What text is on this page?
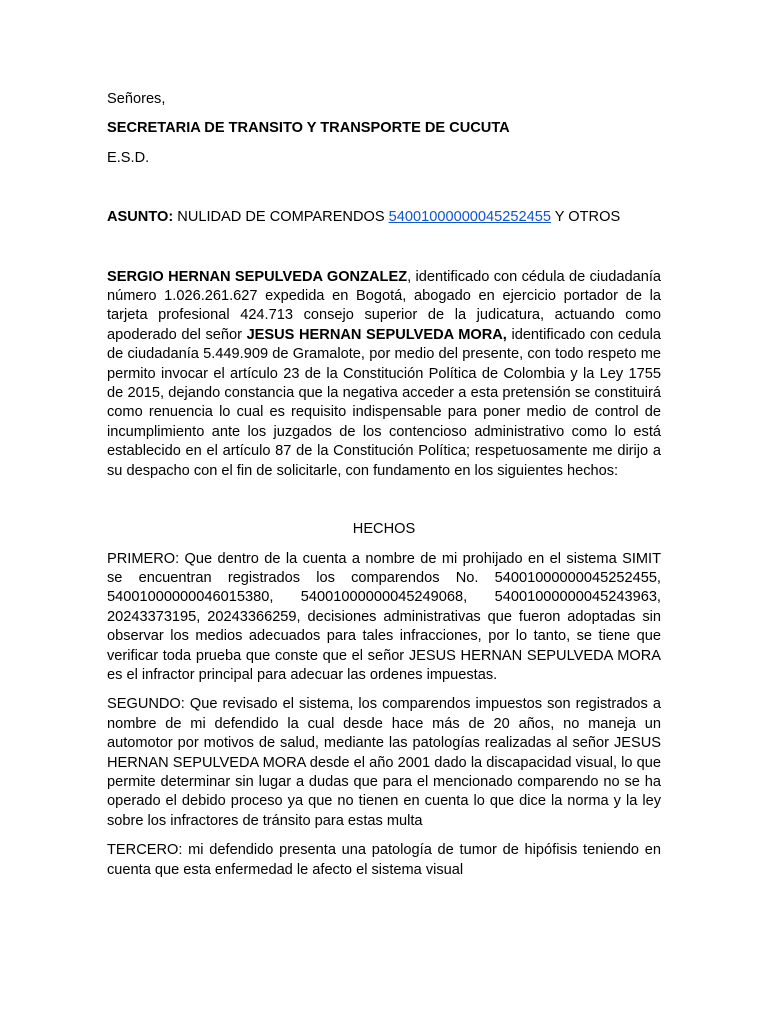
Señores,

SECRETARIA DE TRANSITO Y TRANSPORTE DE CUCUTA

E.S.D.

ASUNTO: NULIDAD DE COMPARENDOS 54001000000045252455 Y OTROS

SERGIO HERNAN SEPULVEDA GONZALEZ, identificado con cédula de ciudadanía número 1.026.261.627 expedida en Bogotá, abogado en ejercicio portador de la tarjeta profesional 424.713 consejo superior de la judicatura, actuando como apoderado del señor JESUS HERNAN SEPULVEDA MORA, identificado con cedula de ciudadanía 5.449.909 de Gramalote, por medio del presente, con todo respeto me permito invocar el artículo 23 de la Constitución Política de Colombia y la Ley 1755 de 2015, dejando constancia que la negativa acceder a esta pretensión se constituirá como renuencia lo cual es requisito indispensable para poner medio de control de incumplimiento ante los juzgados de los contencioso administrativo como lo está establecido en el artículo 87 de la Constitución Política; respetuosamente me dirijo a su despacho con el fin de solicitarle, con fundamento en los siguientes hechos:

HECHOS

PRIMERO: Que dentro de la cuenta a nombre de mi prohijado en el sistema SIMIT se encuentran registrados los comparendos No. 54001000000045252455, 54001000000046015380, 54001000000045249068, 54001000000045243963, 20243373195, 20243366259, decisiones administrativas que fueron adoptadas sin observar los medios adecuados para tales infracciones, por lo tanto, se tiene que verificar toda prueba que conste que el señor JESUS HERNAN SEPULVEDA MORA es el infractor principal para adecuar las ordenes impuestas.

SEGUNDO: Que revisado el sistema, los comparendos impuestos son registrados a nombre de mi defendido la cual desde hace más de 20 años, no maneja un automotor por motivos de salud, mediante las patologías realizadas al señor JESUS HERNAN SEPULVEDA MORA desde el año 2001 dado la discapacidad visual, lo que permite determinar sin lugar a dudas que para el mencionado comparendo no se ha operado el debido proceso ya que no tienen en cuenta lo que dice la norma y la ley sobre los infractores de tránsito para estas multa

TERCERO: mi defendido presenta una patología de tumor de hipófisis teniendo en cuenta que esta enfermedad le afecto el sistema visual
